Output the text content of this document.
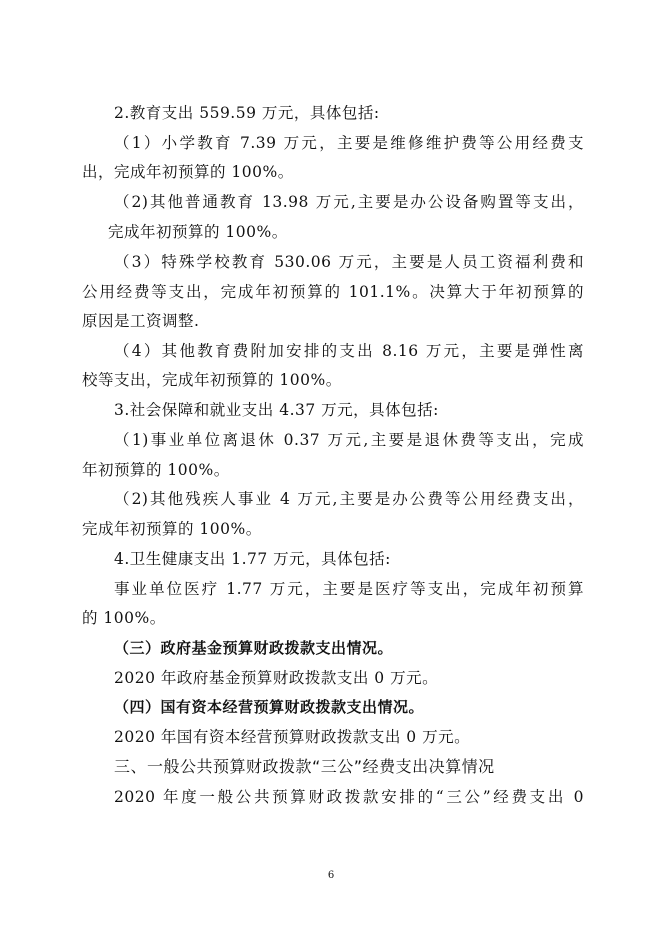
2.教育支出 559.59 万元，具体包括:
（1）小学教育 7.39 万元，主要是维修维护费等公用经费支
出，完成年初预算的 100%。
（2)其他普通教育 13.98 万元,主要是办公设备购置等支出，
完成年初预算的 100%。
（3）特殊学校教育 530.06 万元，主要是人员工资福利费和
公用经费等支出，完成年初预算的 101.1%。决算大于年初预算的
原因是工资调整.
（4）其他教育费附加安排的支出 8.16 万元，主要是弹性离
校等支出，完成年初预算的 100%。
3.社会保障和就业支出 4.37 万元，具体包括:
（1)事业单位离退休 0.37 万元,主要是退休费等支出，完成
年初预算的 100%。
（2)其他残疾人事业 4 万元,主要是办公费等公用经费支出，
完成年初预算的 100%。
4.卫生健康支出 1.77 万元，具体包括:
事业单位医疗 1.77 万元，主要是医疗等支出，完成年初预算
的 100%。
（三）政府基金预算财政拨款支出情况。
2020 年政府基金预算财政拨款支出 0 万元。
（四）国有资本经营预算财政拨款支出情况。
2020 年国有资本经营预算财政拨款支出 0 万元。
三、一般公共预算财政拨款“三公”经费支出决算情况
2020 年度一般公共预算财政拨款安排的“三公”经费支出 0
6
